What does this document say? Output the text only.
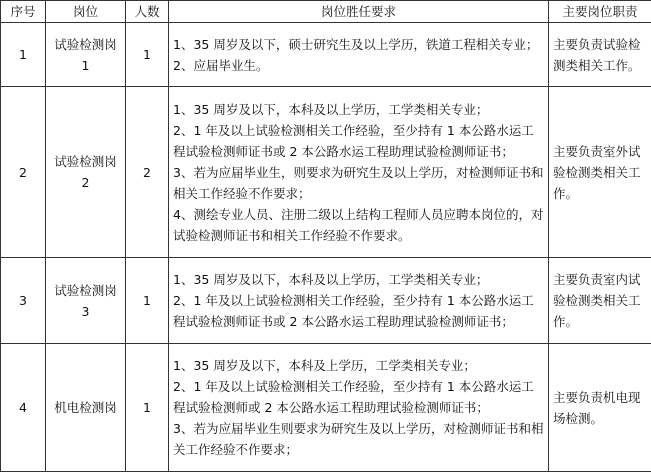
序号	岗位	人数	岗位胜任要求	主要岗位职责
1	试验检测岗 1	1	1、35 周岁及以下，硕士研究生及以上学历，铁道工程相关专业；
2、应届毕业生。	主要负责试验检测类相关工作。
2	试验检测岗 2	2	1、35 周岁及以下，本科及以上学历，工学类相关专业；
2、1 年及以上试验检测相关工作经验，至少持有 1 本公路水运工程试验检测师证书或 2 本公路水运工程助理试验检测师证书；
3、若为应届毕业生，则要求为研究生及以上学历，对检测师证书和相关工作经验不作要求；
4、测绘专业人员、注册二级以上结构工程师人员应聘本岗位的，对试验检测师证书和相关工作经验不作要求。	主要负责室外试验检测类相关工作。
3	试验检测岗 3	1	1、35 周岁及以下，本科及以上学历，工学类相关专业；
2、1 年及以上试验检测相关工作经验，至少持有 1 本公路水运工程试验检测师证书或 2 本公路水运工程助理试验检测师证书；	主要负责室内试验检测类相关工作。
4	机电检测岗	1	1、35 周岁及以下，本科及上学历，工学类相关专业；
2、1 年及以上试验检测相关工作经验，至少持有 1 本公路水运工程试验检测师或 2 本公路水运工程助理试验检测师证书；
3、若为应届毕业生则要求为研究生及以上学历，对检测师证书和相关工作经验不作要求；	主要负责机电现场检测。
